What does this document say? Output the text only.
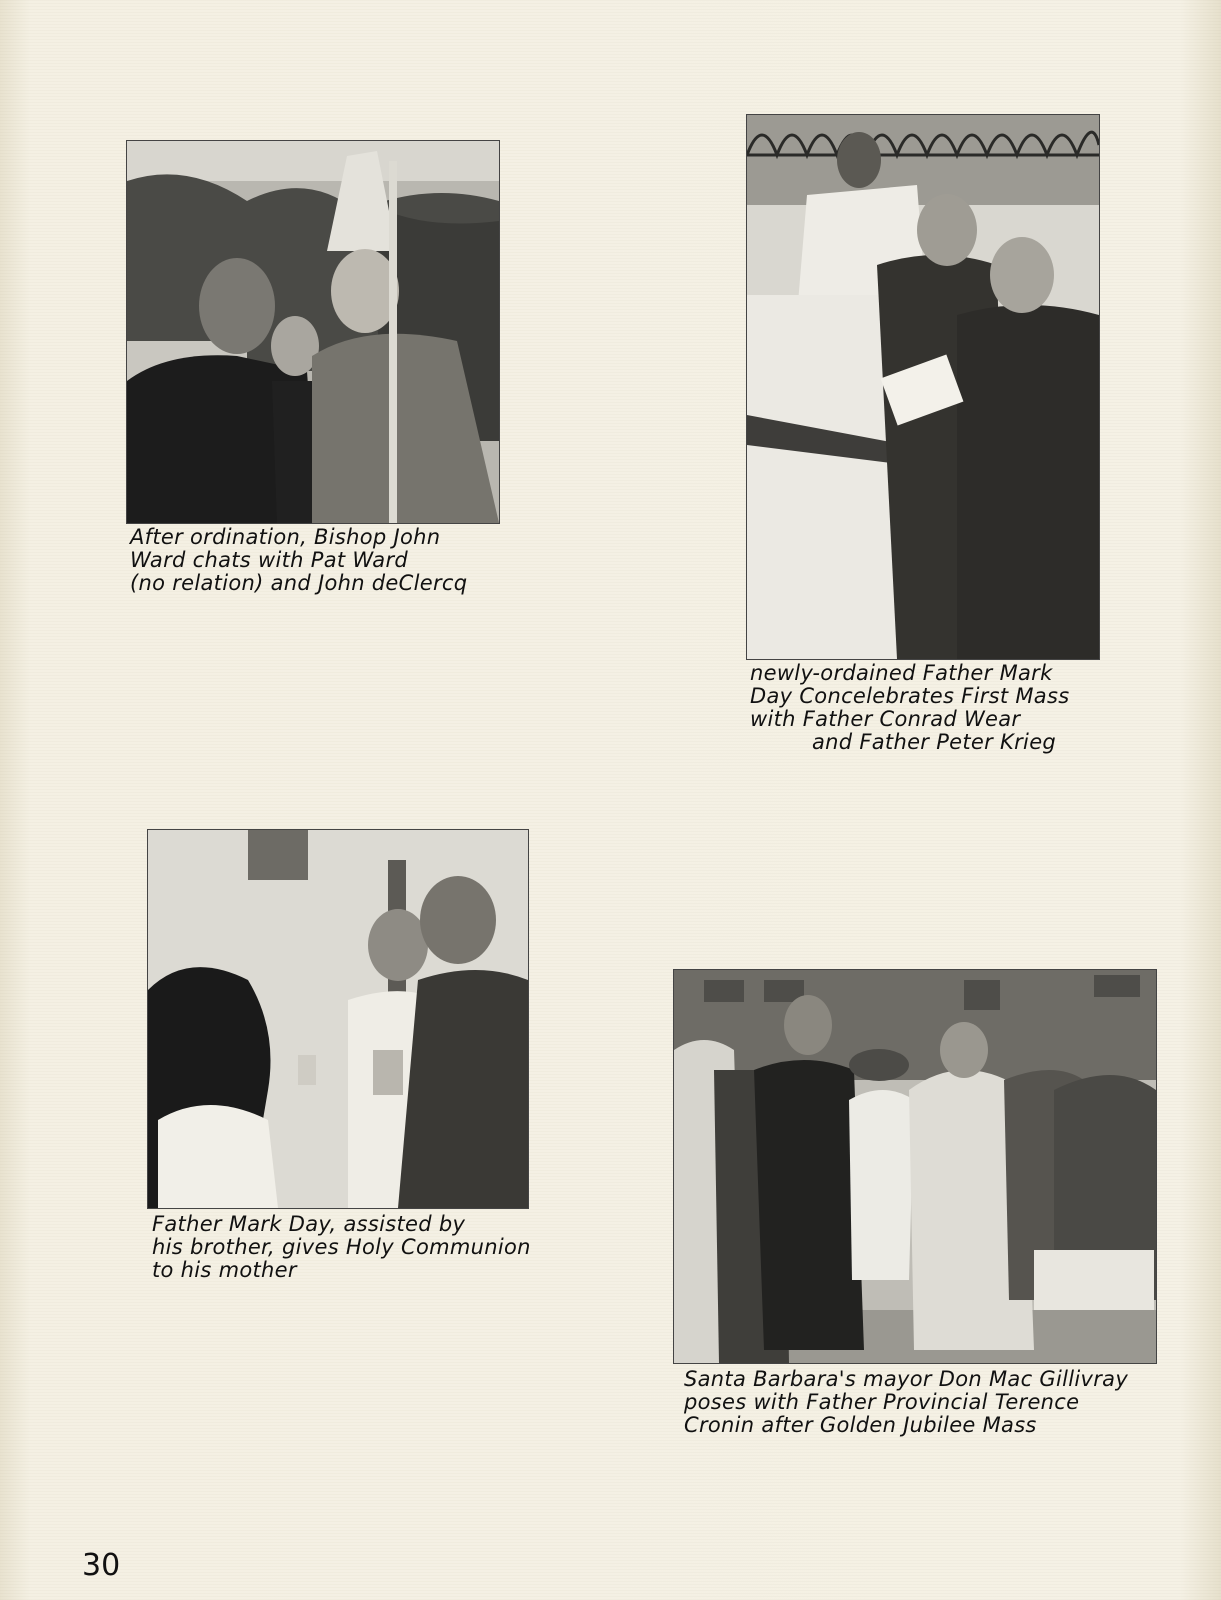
After ordination, Bishop John
Ward chats with Pat Ward
(no relation) and John deClercq

newly-ordained Father Mark
Day Concelebrates First Mass
with Father Conrad Wear
and Father Peter Krieg

Father Mark Day, assisted by
his brother, gives Holy Communion
to his mother

Santa Barbara's mayor Don Mac Gillivray
poses with Father Provincial Terence
Cronin after Golden Jubilee Mass

30
